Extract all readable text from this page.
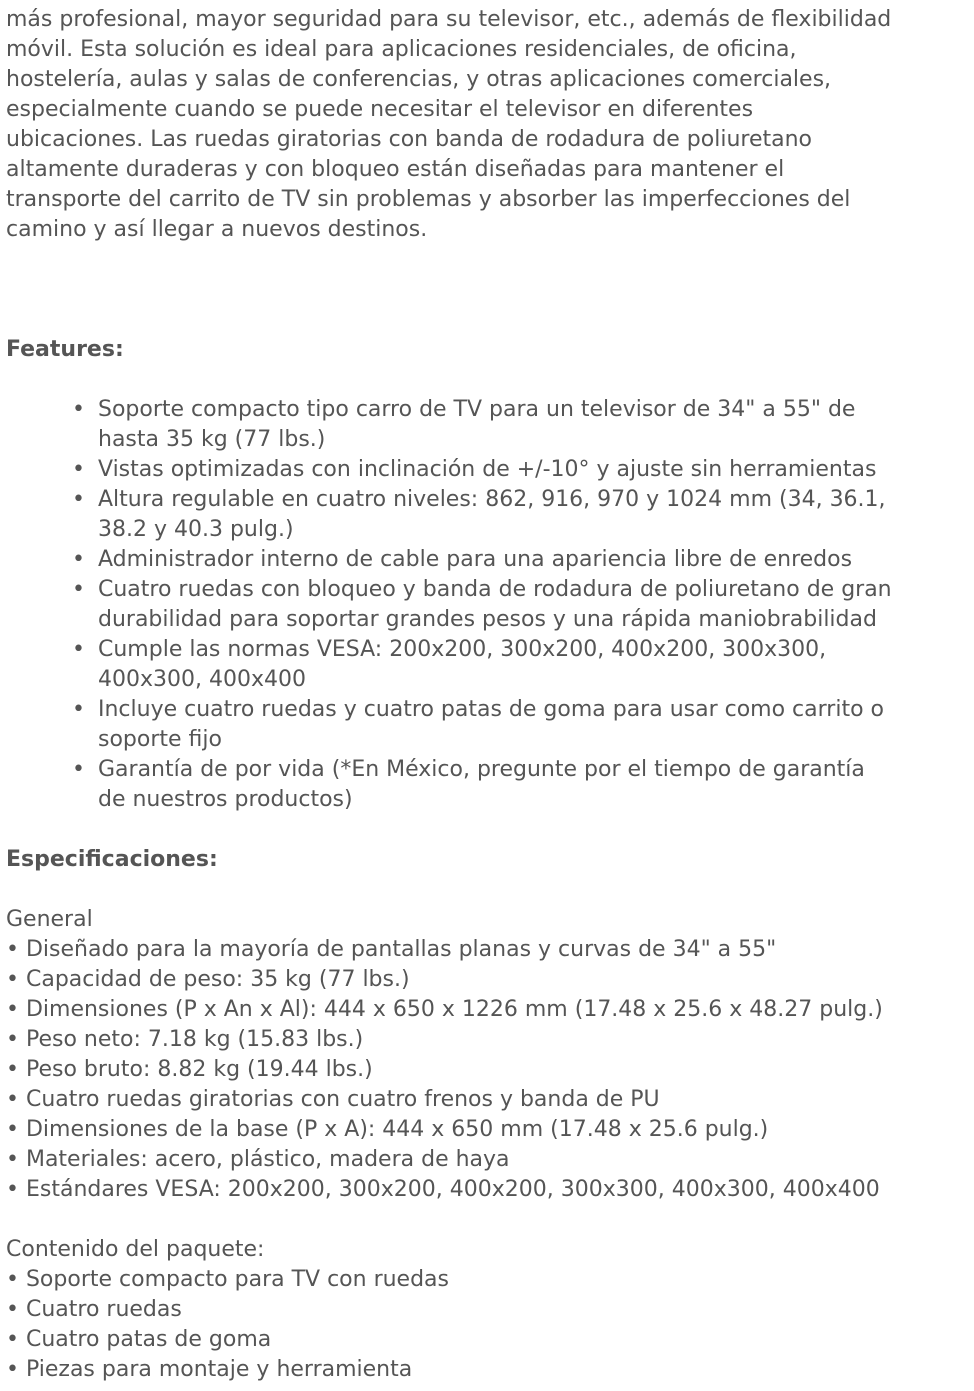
más profesional, mayor seguridad para su televisor, etc., además de flexibilidad
móvil. Esta solución es ideal para aplicaciones residenciales, de oficina,
hostelería, aulas y salas de conferencias, y otras aplicaciones comerciales,
especialmente cuando se puede necesitar el televisor en diferentes
ubicaciones. Las ruedas giratorias con banda de rodadura de poliuretano
altamente duraderas y con bloqueo están diseñadas para mantener el
transporte del carrito de TV sin problemas y absorber las imperfecciones del
camino y así llegar a nuevos destinos.

Features:
• Soporte compacto tipo carro de TV para un televisor de 34" a 55" de
hasta 35 kg (77 lbs.)
• Vistas optimizadas con inclinación de +/-10° y ajuste sin herramientas
• Altura regulable en cuatro niveles: 862, 916, 970 y 1024 mm (34, 36.1,
38.2 y 40.3 pulg.)
• Administrador interno de cable para una apariencia libre de enredos
• Cuatro ruedas con bloqueo y banda de rodadura de poliuretano de gran
durabilidad para soportar grandes pesos y una rápida maniobrabilidad
• Cumple las normas VESA: 200x200, 300x200, 400x200, 300x300,
400x300, 400x400
• Incluye cuatro ruedas y cuatro patas de goma para usar como carrito o
soporte fijo
• Garantía de por vida (*En México, pregunte por el tiempo de garantía
de nuestros productos)
Especificaciones:
General
• Diseñado para la mayoría de pantallas planas y curvas de 34" a 55"
• Capacidad de peso: 35 kg (77 lbs.)
• Dimensiones (P x An x Al): 444 x 650 x 1226 mm (17.48 x 25.6 x 48.27 pulg.)
• Peso neto: 7.18 kg (15.83 lbs.)
• Peso bruto: 8.82 kg (19.44 lbs.)
• Cuatro ruedas giratorias con cuatro frenos y banda de PU
• Dimensiones de la base (P x A): 444 x 650 mm (17.48 x 25.6 pulg.)
• Materiales: acero, plástico, madera de haya
• Estándares VESA: 200x200, 300x200, 400x200, 300x300, 400x300, 400x400
Contenido del paquete:
• Soporte compacto para TV con ruedas
• Cuatro ruedas
• Cuatro patas de goma
• Piezas para montaje y herramienta
